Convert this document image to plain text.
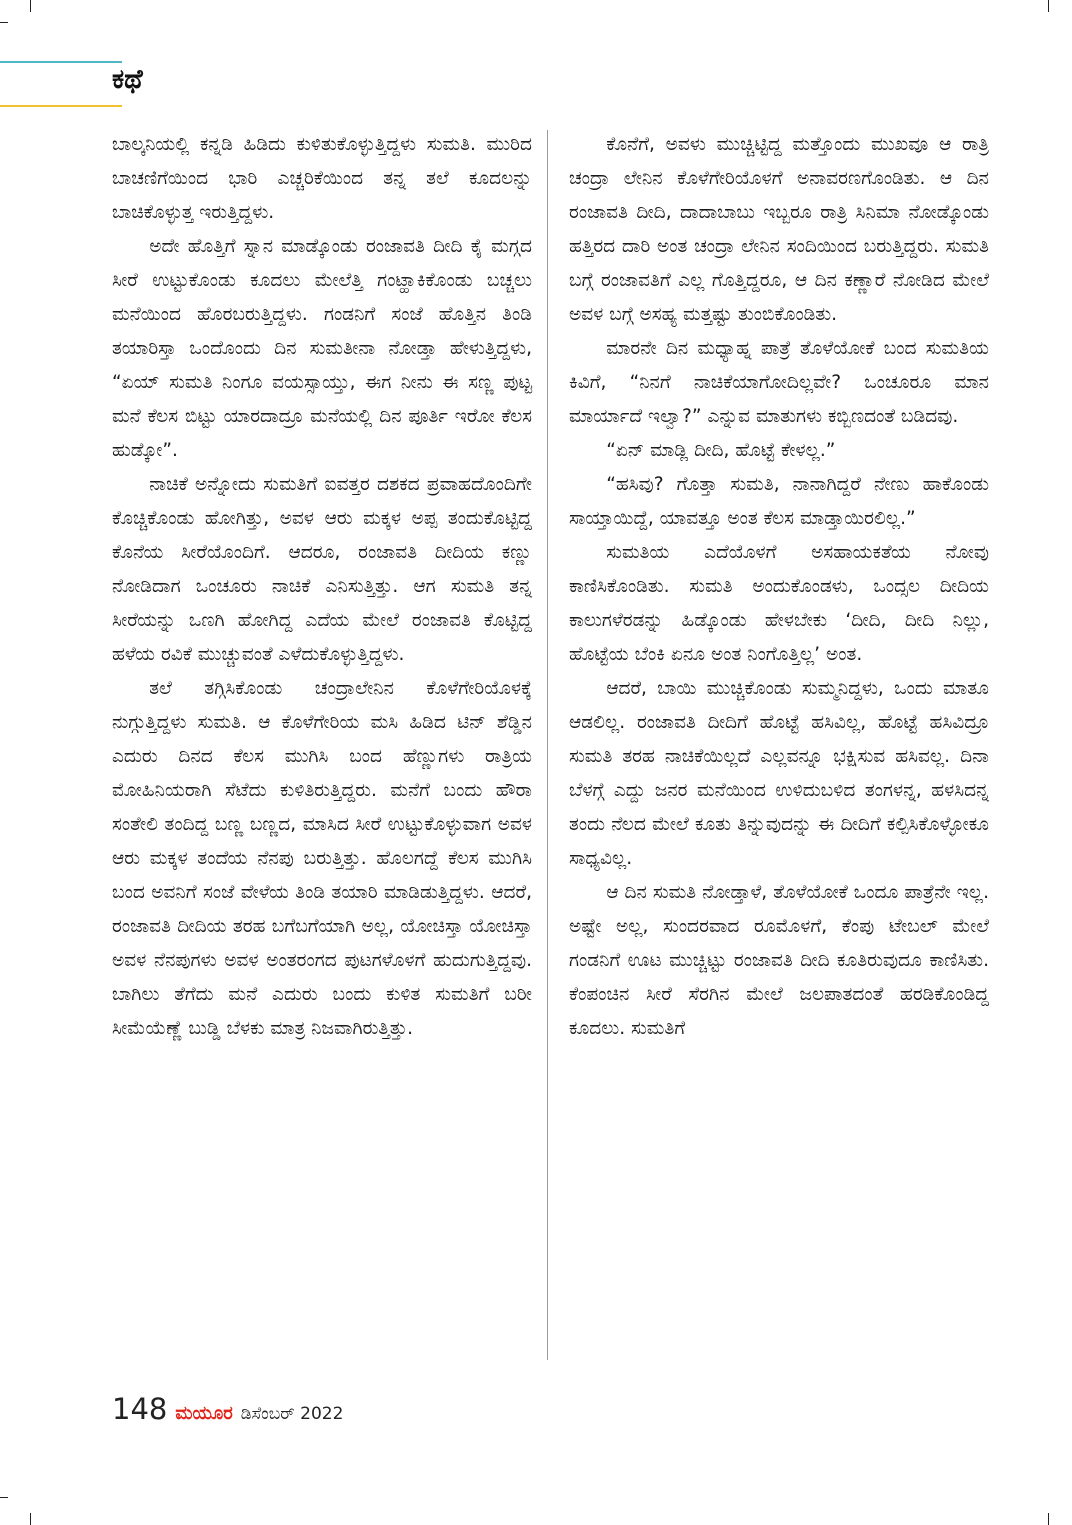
ಕಥೆ

ಬಾಲ್ಕನಿಯಲ್ಲಿ ಕನ್ನಡಿ ಹಿಡಿದು ಕುಳಿತುಕೊಳ್ಳುತ್ತಿದ್ದಳು ಸುಮತಿ. ಮುರಿದ ಬಾಚಣಿಗೆಯಿಂದ ಭಾರಿ ಎಚ್ಚರಿಕೆಯಿಂದ ತನ್ನ ತಲೆ ಕೂದಲನ್ನು ಬಾಚಿಕೊಳ್ಳುತ್ತ ಇರುತ್ತಿದ್ದಳು.

ಅದೇ ಹೊತ್ತಿಗೆ ಸ್ನಾನ ಮಾಡ್ಕೊಂಡು ರಂಜಾವತಿ ದೀದಿ ಕೈ ಮಗ್ಗದ ಸೀರೆ ಉಟ್ಟುಕೊಂಡು ಕೂದಲು ಮೇಲೆತ್ತಿ ಗಂಟ್ಹಾಕಿಕೊಂಡು ಬಚ್ಚಲು ಮನೆಯಿಂದ ಹೊರಬರುತ್ತಿದ್ದಳು. ಗಂಡನಿಗೆ ಸಂಜೆ ಹೊತ್ತಿನ ತಿಂಡಿ ತಯಾರಿಸ್ತಾ ಒಂದೊಂದು ದಿನ ಸುಮತೀನಾ ನೋಡ್ತಾ ಹೇಳುತ್ತಿದ್ದಳು, “ಏಯ್ ಸುಮತಿ ನಿಂಗೂ ವಯಸ್ಸಾಯ್ತು, ಈಗ ನೀನು ಈ ಸಣ್ಣ ಪುಟ್ಟ ಮನೆ ಕೆಲಸ ಬಿಟ್ಟು ಯಾರದಾದ್ರೂ ಮನೆಯಲ್ಲಿ ದಿನ ಪೂರ್ತಿ ಇರೋ ಕೆಲಸ ಹುಡ್ಕೋ”.

ನಾಚಿಕೆ ಅನ್ನೋದು ಸುಮತಿಗೆ ಐವತ್ತರ ದಶಕದ ಪ್ರವಾಹದೊಂದಿಗೇ ಕೊಚ್ಚಿಕೊಂಡು ಹೋಗಿತ್ತು, ಅವಳ ಆರು ಮಕ್ಕಳ ಅಪ್ಪ ತಂದುಕೊಟ್ಟಿದ್ದ ಕೊನೆಯ ಸೀರೆಯೊಂದಿಗೆ. ಆದರೂ, ರಂಜಾವತಿ ದೀದಿಯ ಕಣ್ಣು ನೋಡಿದಾಗ ಒಂಚೂರು ನಾಚಿಕೆ ಎನಿಸುತ್ತಿತ್ತು. ಆಗ ಸುಮತಿ ತನ್ನ ಸೀರೆಯನ್ನು ಒಣಗಿ ಹೋಗಿದ್ದ ಎದೆಯ ಮೇಲೆ ರಂಜಾವತಿ ಕೊಟ್ಟಿದ್ದ ಹಳೆಯ ರವಿಕೆ ಮುಚ್ಚುವಂತೆ ಎಳೆದುಕೊಳ್ಳುತ್ತಿದ್ದಳು.

ತಲೆ ತಗ್ಗಿಸಿಕೊಂಡು ಚಂದ್ರಾಲೇನಿನ ಕೊಳೆಗೇರಿಯೊಳಕ್ಕೆ ನುಗ್ಗುತ್ತಿದ್ದಳು ಸುಮತಿ. ಆ ಕೊಳೆಗೇರಿಯ ಮಸಿ ಹಿಡಿದ ಟಿನ್ ಶೆಡ್ಡಿನ ಎದುರು ದಿನದ ಕೆಲಸ ಮುಗಿಸಿ ಬಂದ ಹೆಣ್ಣುಗಳು ರಾತ್ರಿಯ ಮೋಹಿನಿಯರಾಗಿ ಸೆಟೆದು ಕುಳಿತಿರುತ್ತಿದ್ದರು. ಮನೆಗೆ ಬಂದು ಹೌರಾ ಸಂತೇಲಿ ತಂದಿದ್ದ ಬಣ್ಣ ಬಣ್ಣದ, ಮಾಸಿದ ಸೀರೆ ಉಟ್ಟುಕೊಳ್ಳುವಾಗ ಅವಳ ಆರು ಮಕ್ಕಳ ತಂದೆಯ ನೆನಪು ಬರುತ್ತಿತ್ತು. ಹೊಲಗದ್ದೆ ಕೆಲಸ ಮುಗಿಸಿ ಬಂದ ಅವನಿಗೆ ಸಂಜೆ ವೇಳೆಯ ತಿಂಡಿ ತಯಾರಿ ಮಾಡಿಡುತ್ತಿದ್ದಳು. ಆದರೆ, ರಂಜಾವತಿ ದೀದಿಯ ತರಹ ಬಗೆಬಗೆಯಾಗಿ ಅಲ್ಲ, ಯೋಚಿಸ್ತಾ ಯೋಚಿಸ್ತಾ ಅವಳ ನೆನಪುಗಳು ಅವಳ ಅಂತರಂಗದ ಪುಟಗಳೊಳಗೆ ಹುದುಗುತ್ತಿದ್ದವು. ಬಾಗಿಲು ತೆಗೆದು ಮನೆ ಎದುರು ಬಂದು ಕುಳಿತ ಸುಮತಿಗೆ ಬರೀ ಸೀಮೆಯೆಣ್ಣೆ ಬುಡ್ಡಿ ಬೆಳಕು ಮಾತ್ರ ನಿಜವಾಗಿರುತ್ತಿತ್ತು.

ಕೊನೆಗೆ, ಅವಳು ಮುಚ್ಚಿಟ್ಟಿದ್ದ ಮತ್ತೊಂದು ಮುಖವೂ ಆ ರಾತ್ರಿ ಚಂದ್ರಾ ಲೇನಿನ ಕೊಳೆಗೇರಿಯೊಳಗೆ ಅನಾವರಣಗೊಂಡಿತು. ಆ ದಿನ ರಂಜಾವತಿ ದೀದಿ, ದಾದಾಬಾಬು ಇಬ್ಬರೂ ರಾತ್ರಿ ಸಿನಿಮಾ ನೋಡ್ಕೊಂಡು ಹತ್ತಿರದ ದಾರಿ ಅಂತ ಚಂದ್ರಾ ಲೇನಿನ ಸಂದಿಯಿಂದ ಬರುತ್ತಿದ್ದರು. ಸುಮತಿ ಬಗ್ಗೆ ರಂಜಾವತಿಗೆ ಎಲ್ಲ ಗೊತ್ತಿದ್ದರೂ, ಆ ದಿನ ಕಣ್ಣಾರೆ ನೋಡಿದ ಮೇಲೆ ಅವಳ ಬಗ್ಗೆ ಅಸಹ್ಯ ಮತ್ತಷ್ಟು ತುಂಬಿಕೊಂಡಿತು.

ಮಾರನೇ ದಿನ ಮಧ್ಯಾಹ್ನ ಪಾತ್ರೆ ತೊಳೆಯೋಕೆ ಬಂದ ಸುಮತಿಯ ಕಿವಿಗೆ, “ನಿನಗೆ ನಾಚಿಕೆಯಾಗೋದಿಲ್ಲವೇ? ಒಂಚೂರೂ ಮಾನ ಮಾರ್ಯಾದೆ ಇಲ್ವಾ?” ಎನ್ನುವ ಮಾತುಗಳು ಕಬ್ಬಿಣದಂತೆ ಬಡಿದವು.

“ಏನ್ ಮಾಡ್ಲಿ ದೀದಿ, ಹೊಟ್ಟೆ ಕೇಳಲ್ಲ.”

“ಹಸಿವು? ಗೊತ್ತಾ ಸುಮತಿ, ನಾನಾಗಿದ್ದರೆ ನೇಣು ಹಾಕೊಂಡು ಸಾಯ್ತಾಯಿದ್ದೆ, ಯಾವತ್ತೂ ಅಂತ ಕೆಲಸ ಮಾಡ್ತಾಯಿರಲಿಲ್ಲ.”

ಸುಮತಿಯ ಎದೆಯೊಳಗೆ ಅಸಹಾಯಕತೆಯ ನೋವು ಕಾಣಿಸಿಕೊಂಡಿತು. ಸುಮತಿ ಅಂದುಕೊಂಡಳು, ಒಂದ್ಸಲ ದೀದಿಯ ಕಾಲುಗಳೆರಡನ್ನು ಹಿಡ್ಕೊಂಡು ಹೇಳಬೇಕು ‘ದೀದಿ, ದೀದಿ ನಿಲ್ಲು, ಹೊಟ್ಟೆಯ ಬೆಂಕಿ ಏನೂ ಅಂತ ನಿಂಗೊತ್ತಿಲ್ಲ’ ಅಂತ.

ಆದರೆ, ಬಾಯಿ ಮುಚ್ಚಿಕೊಂಡು ಸುಮ್ಮನಿದ್ದಳು, ಒಂದು ಮಾತೂ ಆಡಲಿಲ್ಲ. ರಂಜಾವತಿ ದೀದಿಗೆ ಹೊಟ್ಟೆ ಹಸಿವಿಲ್ಲ, ಹೊಟ್ಟೆ ಹಸಿವಿದ್ರೂ ಸುಮತಿ ತರಹ ನಾಚಿಕೆಯಿಲ್ಲದೆ ಎಲ್ಲವನ್ನೂ ಭಕ್ಷಿಸುವ ಹಸಿವಲ್ಲ. ದಿನಾ ಬೆಳಗ್ಗೆ ಎದ್ದು ಜನರ ಮನೆಯಿಂದ ಉಳಿದುಬಳಿದ ತಂಗಳನ್ನ, ಹಳಸಿದನ್ನ ತಂದು ನೆಲದ ಮೇಲೆ ಕೂತು ತಿನ್ನುವುದನ್ನು ಈ ದೀದಿಗೆ ಕಲ್ಪಿಸಿಕೊಳ್ಳೋಕೂ ಸಾಧ್ಯವಿಲ್ಲ.

ಆ ದಿನ ಸುಮತಿ ನೋಡ್ತಾಳೆ, ತೊಳೆಯೋಕೆ ಒಂದೂ ಪಾತ್ರೆನೇ ಇಲ್ಲ. ಅಷ್ಟೇ ಅಲ್ಲ, ಸುಂದರವಾದ ರೂಮೊಳಗೆ, ಕೆಂಪು ಟೇಬಲ್ ಮೇಲೆ ಗಂಡನಿಗೆ ಊಟ ಮುಚ್ಚಿಟ್ಟು ರಂಜಾವತಿ ದೀದಿ ಕೂತಿರುವುದೂ ಕಾಣಿಸಿತು. ಕೆಂಪಂಚಿನ ಸೀರೆ ಸೆರಗಿನ ಮೇಲೆ ಜಲಪಾತದಂತೆ ಹರಡಿಕೊಂಡಿದ್ದ ಕೂದಲು. ಸುಮತಿಗೆ

148 ಮಯೂರ ಡಿಸೆಂಬರ್ 2022
